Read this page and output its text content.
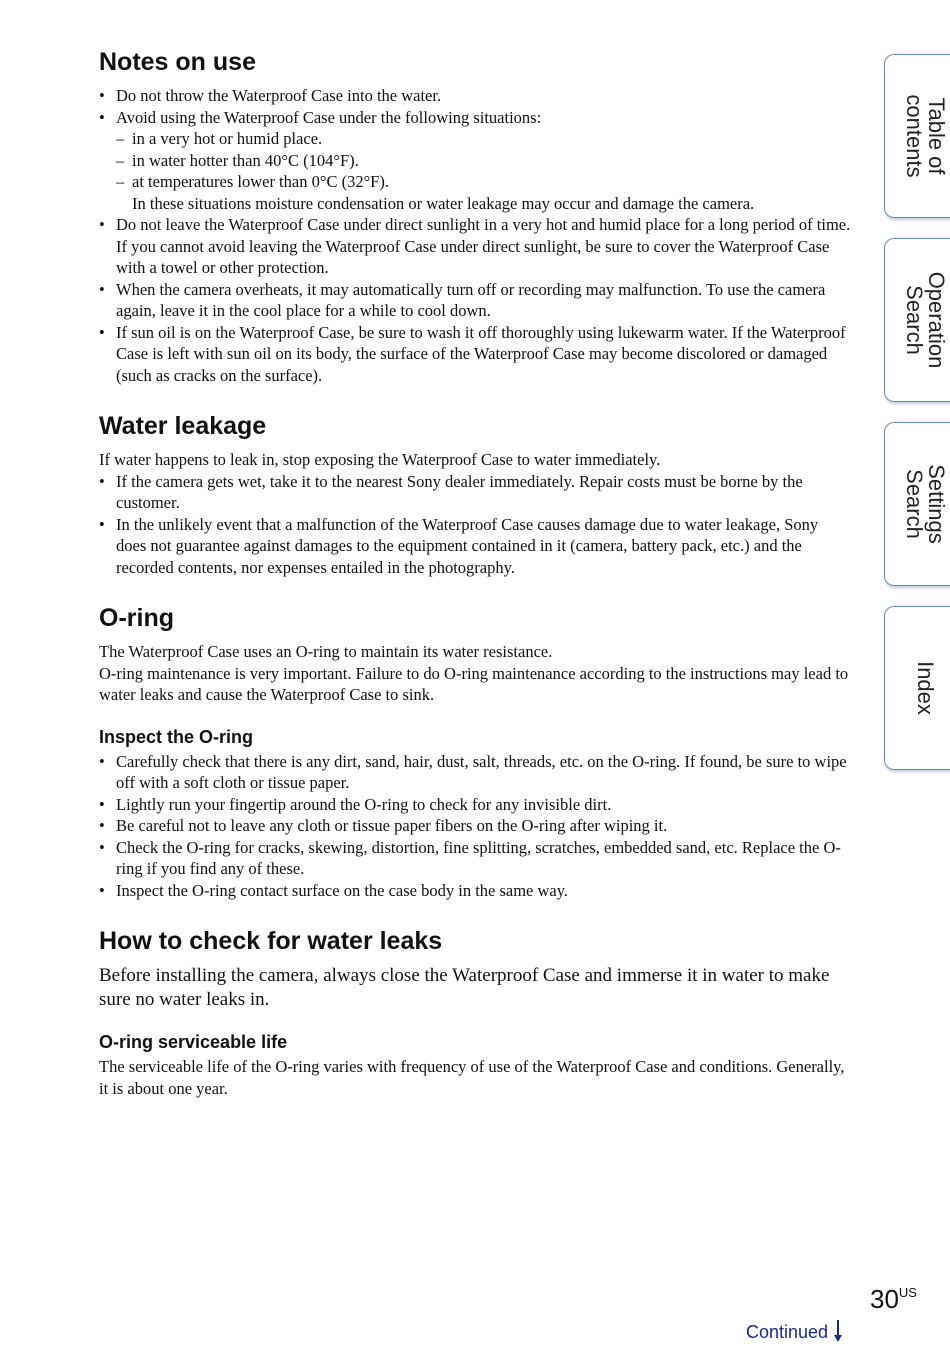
Notes on use
• Do not throw the Waterproof Case into the water.
• Avoid using the Waterproof Case under the following situations:
– in a very hot or humid place.
– in water hotter than 40°C (104°F).
– at temperatures lower than 0°C (32°F).

In these situations moisture condensation or water leakage may occur and damage the camera.

• Do not leave the Waterproof Case under direct sunlight in a very hot and humid place for a long period of time. If you cannot avoid leaving the Waterproof Case under direct sunlight, be sure to cover the Waterproof Case with a towel or other protection.
• When the camera overheats, it may automatically turn off or recording may malfunction. To use the camera again, leave it in the cool place for a while to cool down.
• If sun oil is on the Waterproof Case, be sure to wash it off thoroughly using lukewarm water. If the Waterproof Case is left with sun oil on its body, the surface of the Waterproof Case may become discolored or damaged (such as cracks on the surface).
Water leakage

If water happens to leak in, stop exposing the Waterproof Case to water immediately.

• If the camera gets wet, take it to the nearest Sony dealer immediately. Repair costs must be borne by the customer.
• In the unlikely event that a malfunction of the Waterproof Case causes damage due to water leakage, Sony does not guarantee against damages to the equipment contained in it (camera, battery pack, etc.) and the recorded contents, nor expenses entailed in the photography.
O-ring

The Waterproof Case uses an O-ring to maintain its water resistance.

O-ring maintenance is very important. Failure to do O-ring maintenance according to the instructions may lead to water leaks and cause the Waterproof Case to sink.

Inspect the O-ring
• Carefully check that there is any dirt, sand, hair, dust, salt, threads, etc. on the O-ring. If found, be sure to wipe off with a soft cloth or tissue paper.
• Lightly run your fingertip around the O-ring to check for any invisible dirt.
• Be careful not to leave any cloth or tissue paper fibers on the O-ring after wiping it.
• Check the O-ring for cracks, skewing, distortion, fine splitting, scratches, embedded sand, etc. Replace the O-ring if you find any of these.
• Inspect the O-ring contact surface on the case body in the same way.
How to check for water leaks

Before installing the camera, always close the Waterproof Case and immerse it in water to make sure no water leaks in.

O-ring serviceable life

The serviceable life of the O-ring varies with frequency of use of the Waterproof Case and conditions. Generally, it is about one year.

Table of
contents
Operation
Search
Settings
Search
Index
$30^{US}$
Continued
